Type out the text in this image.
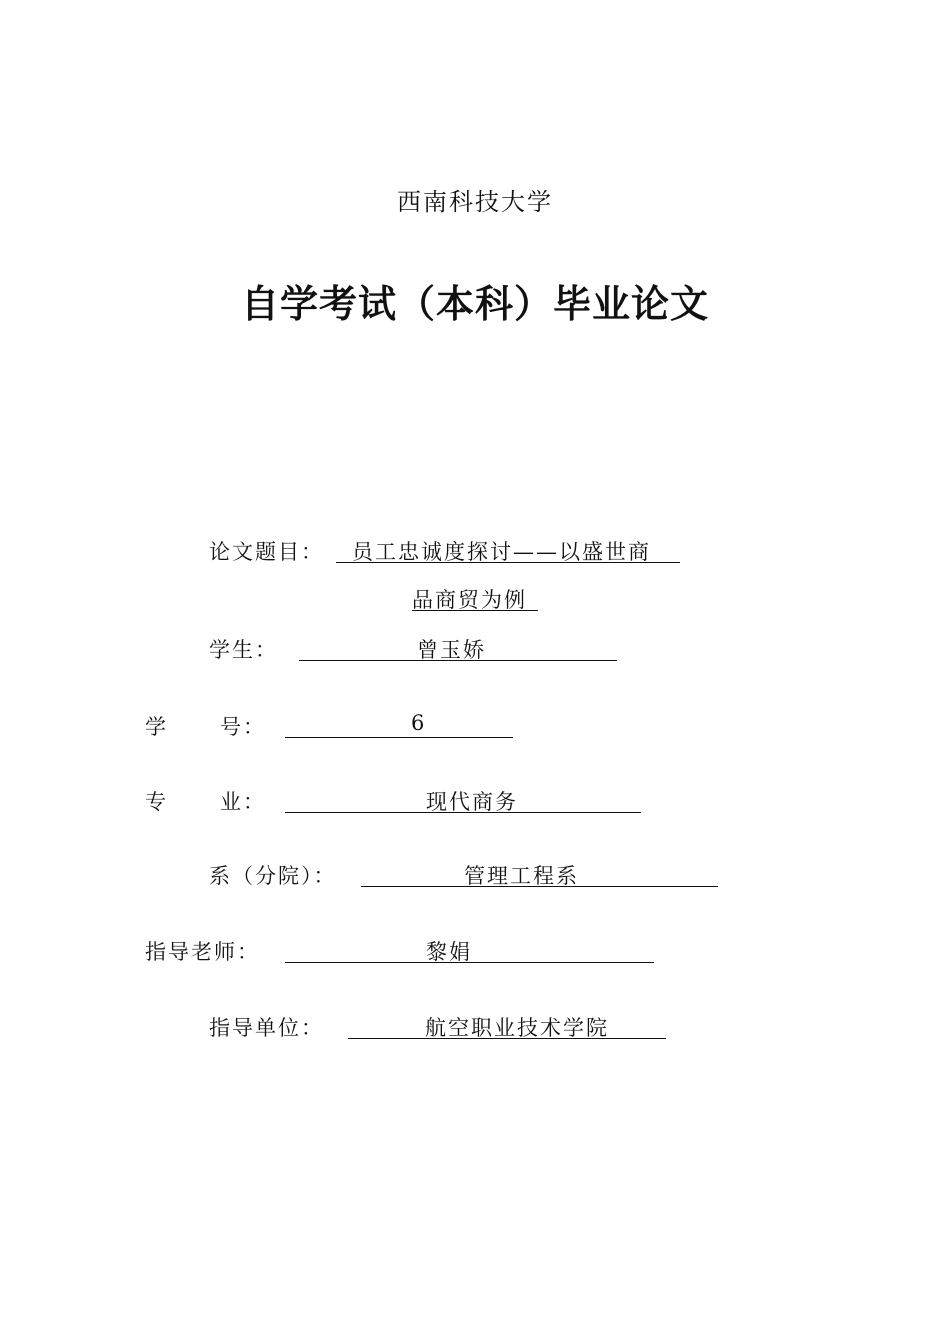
西南科技大学
自学考试（本科）毕业论文
论文题目： 员工忠诚度探讨——以盛世商
品商贸为例
学生：	曾玉娇
学 号：	6
专 业：	现代商务
系（分院）：	管理工程系
指导老师：	黎娟
指导单位：	航空职业技术学院
